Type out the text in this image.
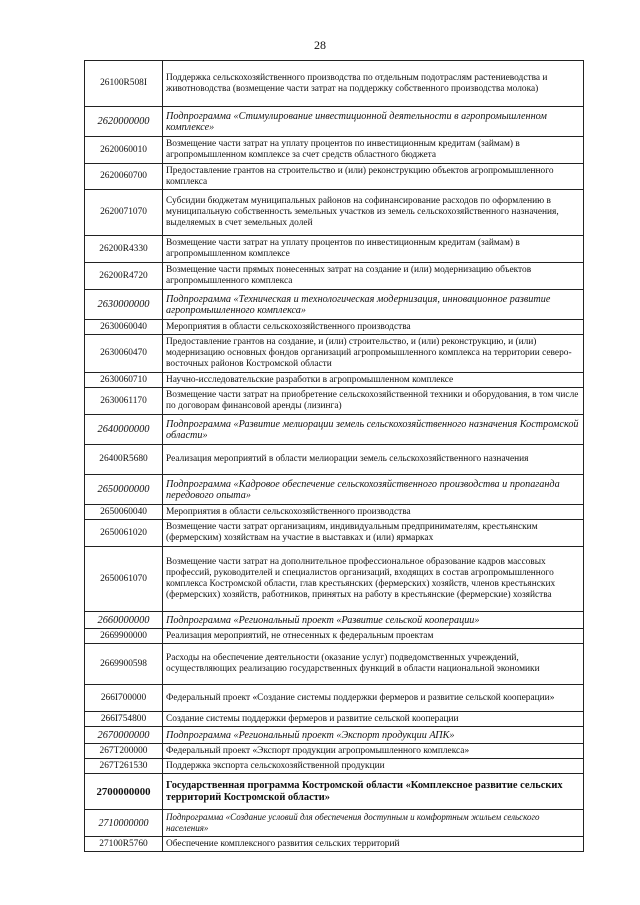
28
26100R508I	Поддержка сельскохозяйственного производства по отдельным подотраслям растениеводства и животноводства (возмещение части затрат на поддержку собственного производства молока)
2620000000	Подпрограмма «Стимулирование инвестиционной деятельности в агропромышленном комплексе»
2620060010	Возмещение части затрат на уплату процентов по инвестиционным кредитам (займам) в агропромышленном комплексе за счет средств областного бюджета
2620060700	Предоставление грантов на строительство и (или) реконструкцию объектов агропромышленного комплекса
2620071070	Субсидии бюджетам муниципальных районов на софинансирование расходов по оформлению в муниципальную собственность земельных участков из земель сельскохозяйственного назначения, выделяемых в счет земельных долей
26200R4330	Возмещение части затрат на уплату процентов по инвестиционным кредитам (займам) в агропромышленном комплексе
26200R4720	Возмещение части прямых понесенных затрат на создание и (или) модернизацию объектов агропромышленного комплекса
2630000000	Подпрограмма «Техническая и технологическая модернизация, инновационное развитие агропромышленного комплекса»
2630060040	Мероприятия в области сельскохозяйственного производства
2630060470	Предоставление грантов на создание, и (или) строительство, и (или) реконструкцию, и (или) модернизацию основных фондов организаций агропромышленного комплекса на территории северо-восточных районов Костромской области
2630060710	Научно-исследовательские разработки в агропромышленном комплексе
2630061170	Возмещение части затрат на приобретение сельскохозяйственной техники и оборудования, в том числе по договорам финансовой аренды (лизинга)
2640000000	Подпрограмма «Развитие мелиорации земель сельскохозяйственного назначения Костромской области»
26400R5680	Реализация мероприятий в области мелиорации земель сельскохозяйственного назначения
2650000000	Подпрограмма «Кадровое обеспечение сельскохозяйственного производства и пропаганда передового опыта»
2650060040	Мероприятия в области сельскохозяйственного производства
2650061020	Возмещение части затрат организациям, индивидуальным предпринимателям, крестьянским (фермерским) хозяйствам на участие в выставках и (или) ярмарках
2650061070	Возмещение части затрат на дополнительное профессиональное образование кадров массовых профессий, руководителей и специалистов организаций, входящих в состав агропромышленного комплекса Костромской области, глав крестьянских (фермерских) хозяйств, членов крестьянских (фермерских) хозяйств, работников, принятых на работу в крестьянские (фермерские) хозяйства
2660000000	Подпрограмма «Региональный проект «Развитие сельской кооперации»
2669900000	Реализация мероприятий, не отнесенных к федеральным проектам
2669900598	Расходы на обеспечение деятельности (оказание услуг) подведомственных учреждений, осуществляющих реализацию государственных функций в области национальной экономики
266I700000	Федеральный проект «Создание системы поддержки фермеров и развитие сельской кооперации»
266I754800	Создание системы поддержки фермеров и развитие сельской кооперации
2670000000	Подпрограмма «Региональный проект «Экспорт продукции АПК»
267T200000	Федеральный проект «Экспорт продукции агропромышленного комплекса»
267T261530	Поддержка экспорта сельскохозяйственной продукции
2700000000	Государственная программа Костромской области «Комплексное развитие сельских территорий Костромской области»
2710000000	Подпрограмма «Создание условий для обеспечения доступным и комфортным жильем сельского населения»
27100R5760	Обеспечение комплексного развития сельских территорий
